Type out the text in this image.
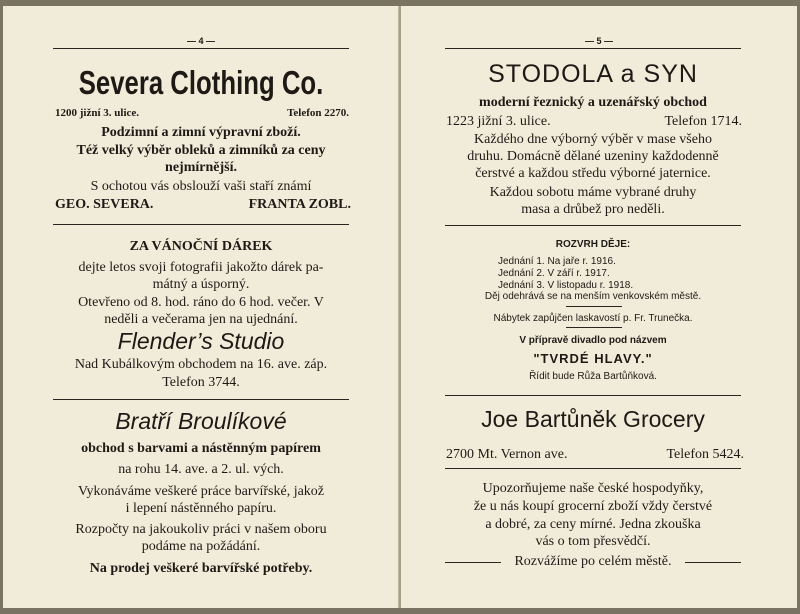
— 4 —
Severa Clothing Co.
1200 jižní 3. ulice.	Telefon 2270.
Podzimní a zimní výpravní zboží.
Též velký výběr obleků a zimníků za ceny
nejmírnější.
S ochotou vás obslouží vaši staří známí
GEO. SEVERA.	FRANTA ZOBL.
ZA VÁNOČNÍ DÁREK
dejte letos svoji fotografii jakožto dárek pa-
mátný a úsporný.
Otevřeno od 8. hod. ráno do 6 hod. večer. V
neděli a večerama jen na ujednání.
Flender’s Studio
Nad Kubálkovým obchodem na 16. ave. záp.
Telefon 3744.
Bratří Broulíkové
obchod s barvami a nástěnným papírem
na rohu 14. ave. a 2. ul. vých.
Vykonáváme veškeré práce barvířské, jakož
i lepení nástěnného papíru.
Rozpočty na jakoukoliv práci v našem oboru
podáme na požádání.
Na prodej veškeré barvířské potřeby.
— 5 —
STODOLA a SYN
moderní řeznický a uzenářský obchod
1223 jižní 3. ulice.	Telefon 1714.
Každého dne výborný výběr v mase všeho
druhu. Domácně dělané uzeniny každodenně
čerstvé a každou středu výborné jaternice.
Každou sobotu máme vybrané druhy
masa a drůbež pro neděli.
ROZVRH DĚJE:
Jednání 1. Na jaře r. 1916.
Jednání 2. V září r. 1917.
Jednání 3. V listopadu r. 1918.
Děj odehrává se na menším venkovském městě.
Nábytek zapůjčen laskavostí p. Fr. Trunečka.
V přípravě divadlo pod názvem
"TVRDÉ HLAVY."
Řídit bude Růža Bartůňková.
Joe Bartůněk Grocery
2700 Mt. Vernon ave.	Telefon 5424.
Upozorňujeme naše české hospodyňky,
že u nás koupí grocerní zboží vždy čerstvé
a dobré, za ceny mírné. Jedna zkouška
vás o tom přesvědčí.
Rozvážíme po celém městě.
